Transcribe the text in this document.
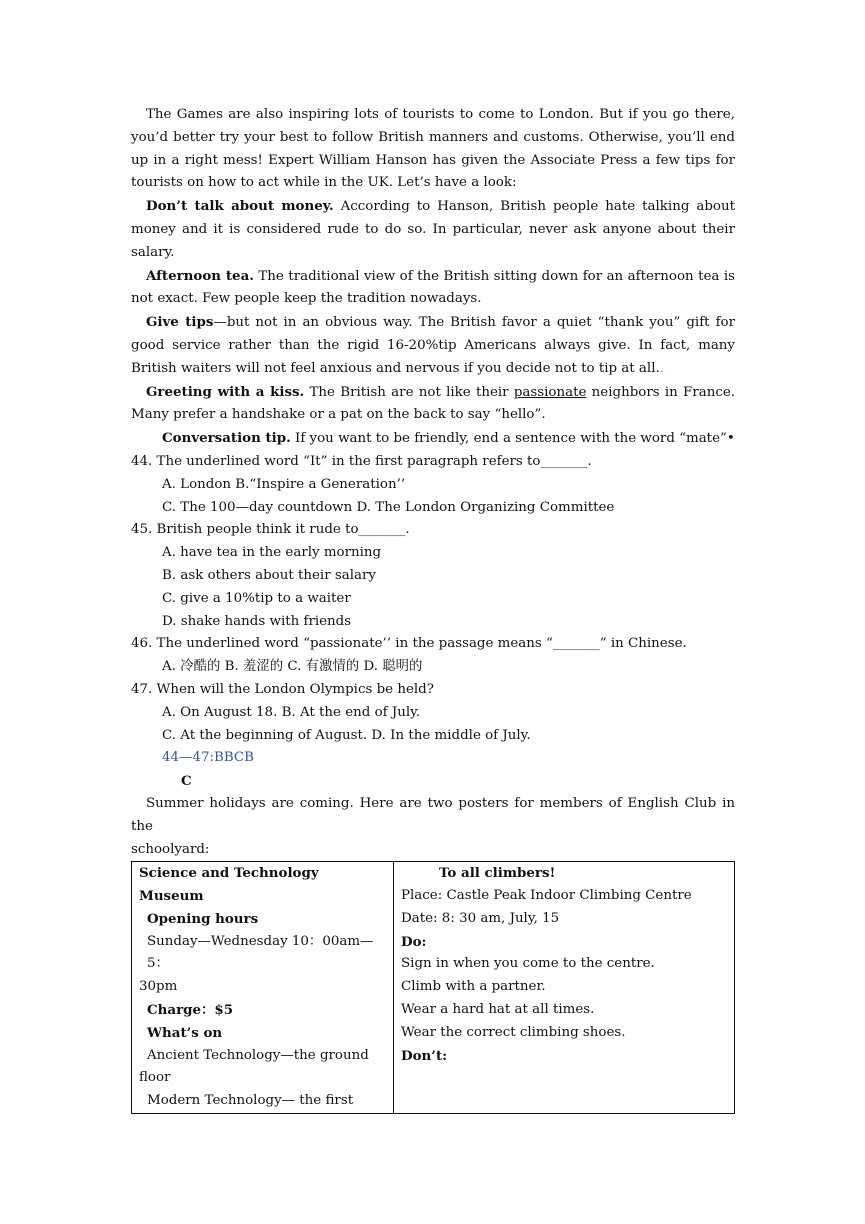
The Games are also inspiring lots of tourists to come to London. But if you go there, you’d better try your best to follow British manners and customs. Otherwise, you’ll end up in a right mess! Expert William Hanson has given the Associate Press a few tips for tourists on how to act while in the UK. Let’s have a look:

Don’t talk about money. According to Hanson, British people hate talking about money and it is considered rude to do so. In particular, never ask anyone about their salary.

Afternoon tea. The traditional view of the British sitting down for an afternoon tea is not exact. Few people keep the tradition nowadays.

Give tips—but not in an obvious way. The British favor a quiet “thank you” gift for good service rather than the rigid 16-20%tip Americans always give. In fact, many British waiters will not feel anxious and nervous if you decide not to tip at all..

Greeting with a kiss. The British are not like their passionate neighbors in France. Many prefer a handshake or a pat on the back to say “hello”.

Conversation tip. If you want to be friendly, end a sentence with the word “mate”•

44. The underlined word “It” in the first paragraph refers to_______.

A. London B.“Inspire a Generation’’

C. The 100—day countdown D. The London Organizing Committee

45. British people think it rude to_______.

A. have tea in the early morning

B. ask others about their salary

C. give a 10%tip to a waiter

D. shake hands with friends

46. The underlined word “passionate’’ in the passage means “_______” in Chinese.

A. 冷酷的 B. 羞涩的 C. 有激情的 D. 聪明的

47. When will the London Olympics be held?

A. On August 18. B. At the end of July.

C. At the beginning of August. D. In the middle of July.

44—47:BBCB

C

Summer holidays are coming. Here are two posters for members of English Club in the

schoolyard:

Science and Technology Museum
Opening hours
Sunday—Wednesday 10：00am—5：
30pm
Charge：$5
What’s on
Ancient Technology—the ground
floor
Modern Technology— the first

To all climbers!
Place: Castle Peak Indoor Climbing Centre
Date: 8: 30 am, July, 15
Do:
Sign in when you come to the centre.
Climb with a partner.
Wear a hard hat at all times.
Wear the correct climbing shoes.
Don’t:
